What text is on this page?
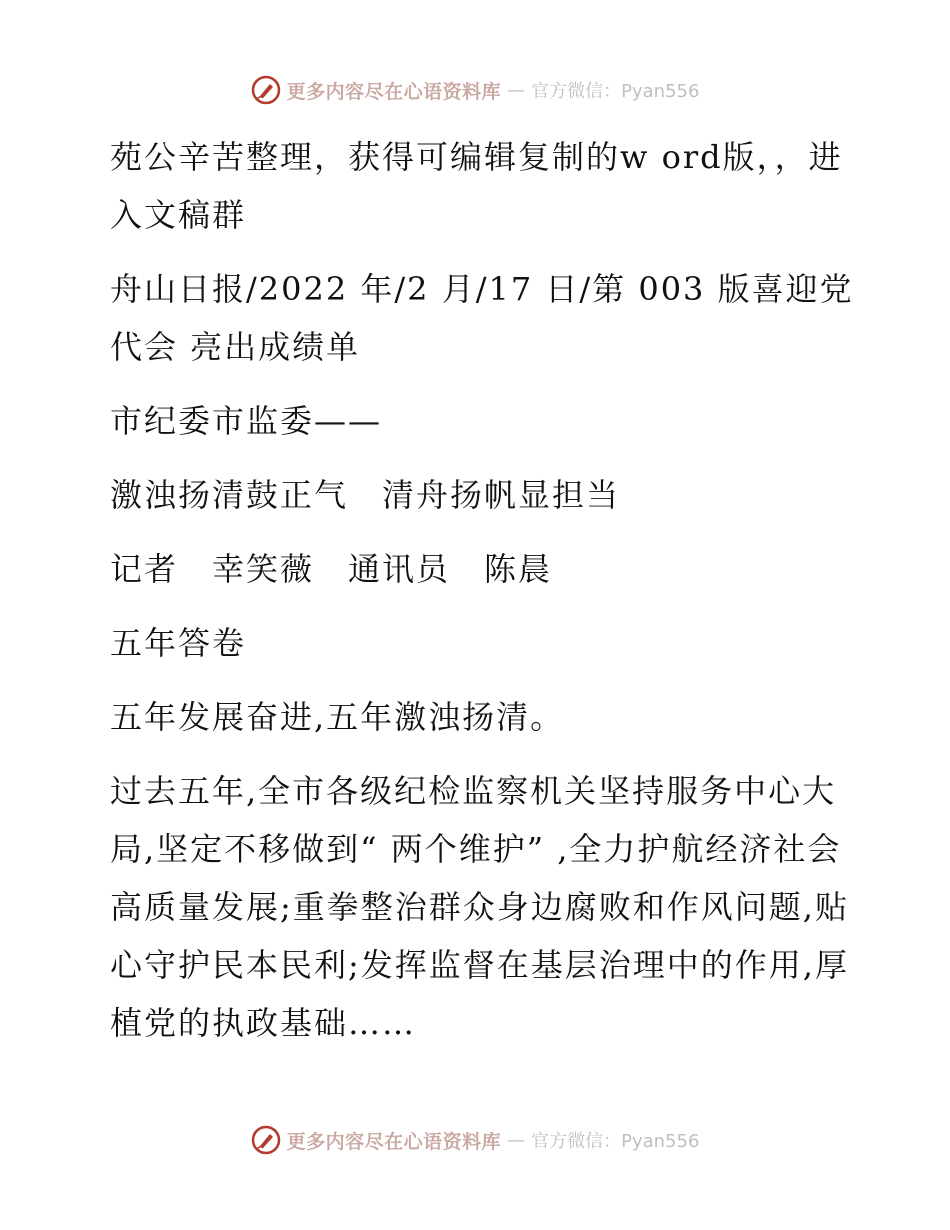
更多内容尽在心语资料库 — 官方微信：Pyan556

苑公辛苦整理，获得可编辑复制的w ord版，，进入文稿群

舟山日报/2022 年/2 月/17 日/第 003 版喜迎党代会 亮出成绩单

市纪委市监委——

激浊扬清鼓正气　清舟扬帆显担当

记者　幸笑薇　通讯员　陈晨

五年答卷

五年发展奋进,五年激浊扬清。

过去五年,全市各级纪检监察机关坚持服务中心大局,坚定不移做到“ 两个维护” ,全力护航经济社会高质量发展;重拳整治群众身边腐败和作风问题,贴心守护民本民利;发挥监督在基层治理中的作用,厚植党的执政基础……

更多内容尽在心语资料库 — 官方微信：Pyan556
